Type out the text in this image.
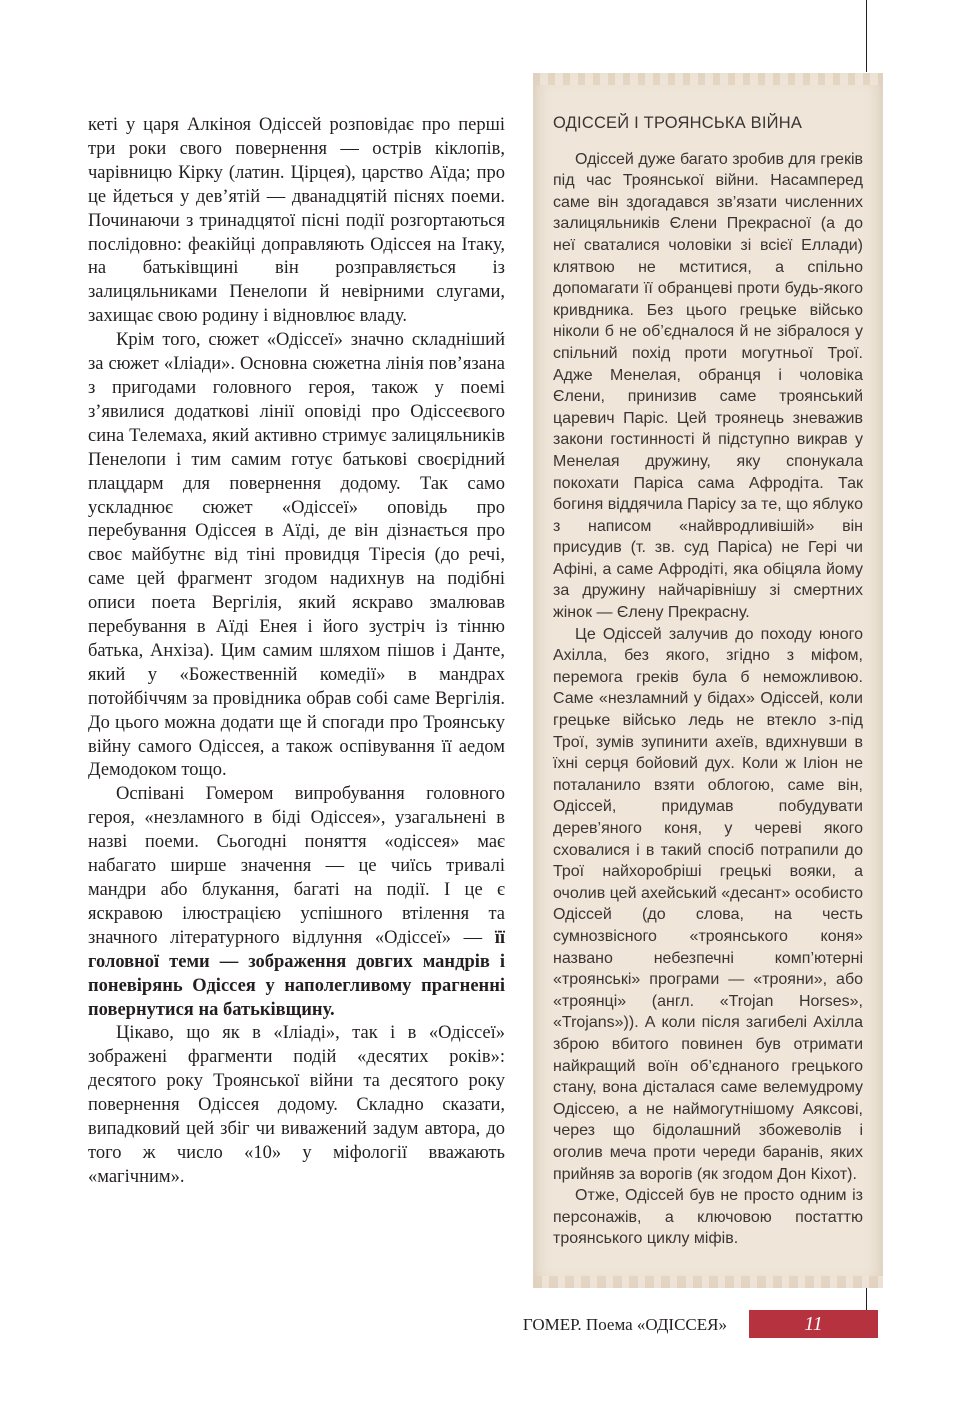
кеті у царя Алкіноя Одіссей розповідає про перші три роки свого повернення — острів кіклопів, чарівницю Кірку (латин. Цірцея), царство Аїда; про це йдеться у дев’ятій — дванадцятій піснях поеми. Починаючи з тринадцятої пісні події розгортаються послідовно: феакійці доправляють Одіссея на Ітаку, на батьківщині він розправляється із залицяльниками Пенелопи й невірними слугами, захищає свою родину і відновлює владу.

Крім того, сюжет «Одіссеї» значно складніший за сюжет «Іліади». Основна сюжетна лінія пов’язана з пригодами головного героя, також у поемі з’явилися додаткові лінії оповіді про Одіссеєвого сина Телемаха, який активно стримує залицяльників Пенелопи і тим самим готує батькові своєрідний плацдарм для повернення додому. Так само ускладнює сюжет «Одіссеї» оповідь про перебування Одіссея в Аїді, де він дізнається про своє майбутнє від тіні провидця Тіресія (до речі, саме цей фрагмент згодом надихнув на подібні описи поета Вергілія, який яскраво змалював перебування в Аїді Енея і його зустріч із тінню батька, Анхіза). Цим самим шляхом пішов і Данте, який у «Божественній комедії» в мандрах потойбіччям за провідника обрав собі саме Вергілія. До цього можна додати ще й спогади про Троянську війну самого Одіссея, а також оспівування її аедом Демодоком тощо.

Оспівані Гомером випробування головного героя, «незламного в біді Одіссея», узагальнені в назві поеми. Сьогодні поняття «одіссея» має набагато ширше значення — це чиїсь тривалі мандри або блукання, багаті на події. І це є яскравою ілюстрацією успішного втілення та значного літературного відлуння «Одіссеї» — її головної теми — зображення довгих мандрів і поневірянь Одіссея у наполегливому прагненні повернутися на батьківщину.

Цікаво, що як в «Іліаді», так і в «Одіссеї» зображені фрагменти подій «десятих років»: десятого року Троянської війни та десятого року повернення Одіссея додому. Складно сказати, випадковий цей збіг чи виважений задум автора, до того ж число «10» у міфології вважають «магічним».

ОДІССЕЙ І ТРОЯНСЬКА ВІЙНА

Одіссей дуже багато зробив для греків під час Троянської війни. Насамперед саме він здогадався зв’язати численних залицяльників Єлени Прекрасної (а до неї сваталися чоловіки зі всієї Еллади) клятвою не мститися, а спільно допомагати її обранцеві проти будь-якого кривдника. Без цього грецьке військо ніколи б не об’єдналося й не зібралося у спільний похід проти могутньої Трої. Адже Менелая, обранця і чоловіка Єлени, принизив саме троянський царевич Паріс. Цей троянець зневажив закони гостинності й підступно викрав у Менелая дружину, яку спонукала покохати Паріса сама Афродіта. Так богиня віддячила Парісу за те, що яблуко з написом «найвродливішій» він присудив (т. зв. суд Паріса) не Гері чи Афіні, а саме Афродіті, яка обіцяла йому за дружину найчарівнішу зі смертних жінок — Єлену Прекрасну.

Це Одіссей залучив до походу юного Ахілла, без якого, згідно з міфом, перемога греків була б неможливою. Саме «незламний у бідах» Одіссей, коли грецьке військо ледь не втекло з-під Трої, зумів зупинити ахеїв, вдихнувши в їхні серця бойовий дух. Коли ж Іліон не поталанило взяти облогою, саме він, Одіссей, придумав побудувати дерев’яного коня, у череві якого сховалися і в такий спосіб потрапили до Трої найхоробріші грецькі вояки, а очолив цей ахейський «десант» особисто Одіссей (до слова, на честь сумнозвісного «троянського коня» названо небезпечні комп’ютерні «троянські» програми — «трояни», або «троянці» (англ. «Trojan Horses», «Trojans»)). А коли після загибелі Ахілла зброю вбитого повинен був отримати найкращий воїн об’єднаного грецького стану, вона дісталася саме велемудрому Одіссею, а не наймогутнішому Аяксові, через що бідолашний збожеволів і оголив меча проти череди баранів, яких прийняв за ворогів (як згодом Дон Кіхот).

Отже, Одіссей був не просто одним із персонажів, а ключовою постаттю троянського циклу міфів.

ГОМЕР. Поема «ОДІССЕЯ»	11
